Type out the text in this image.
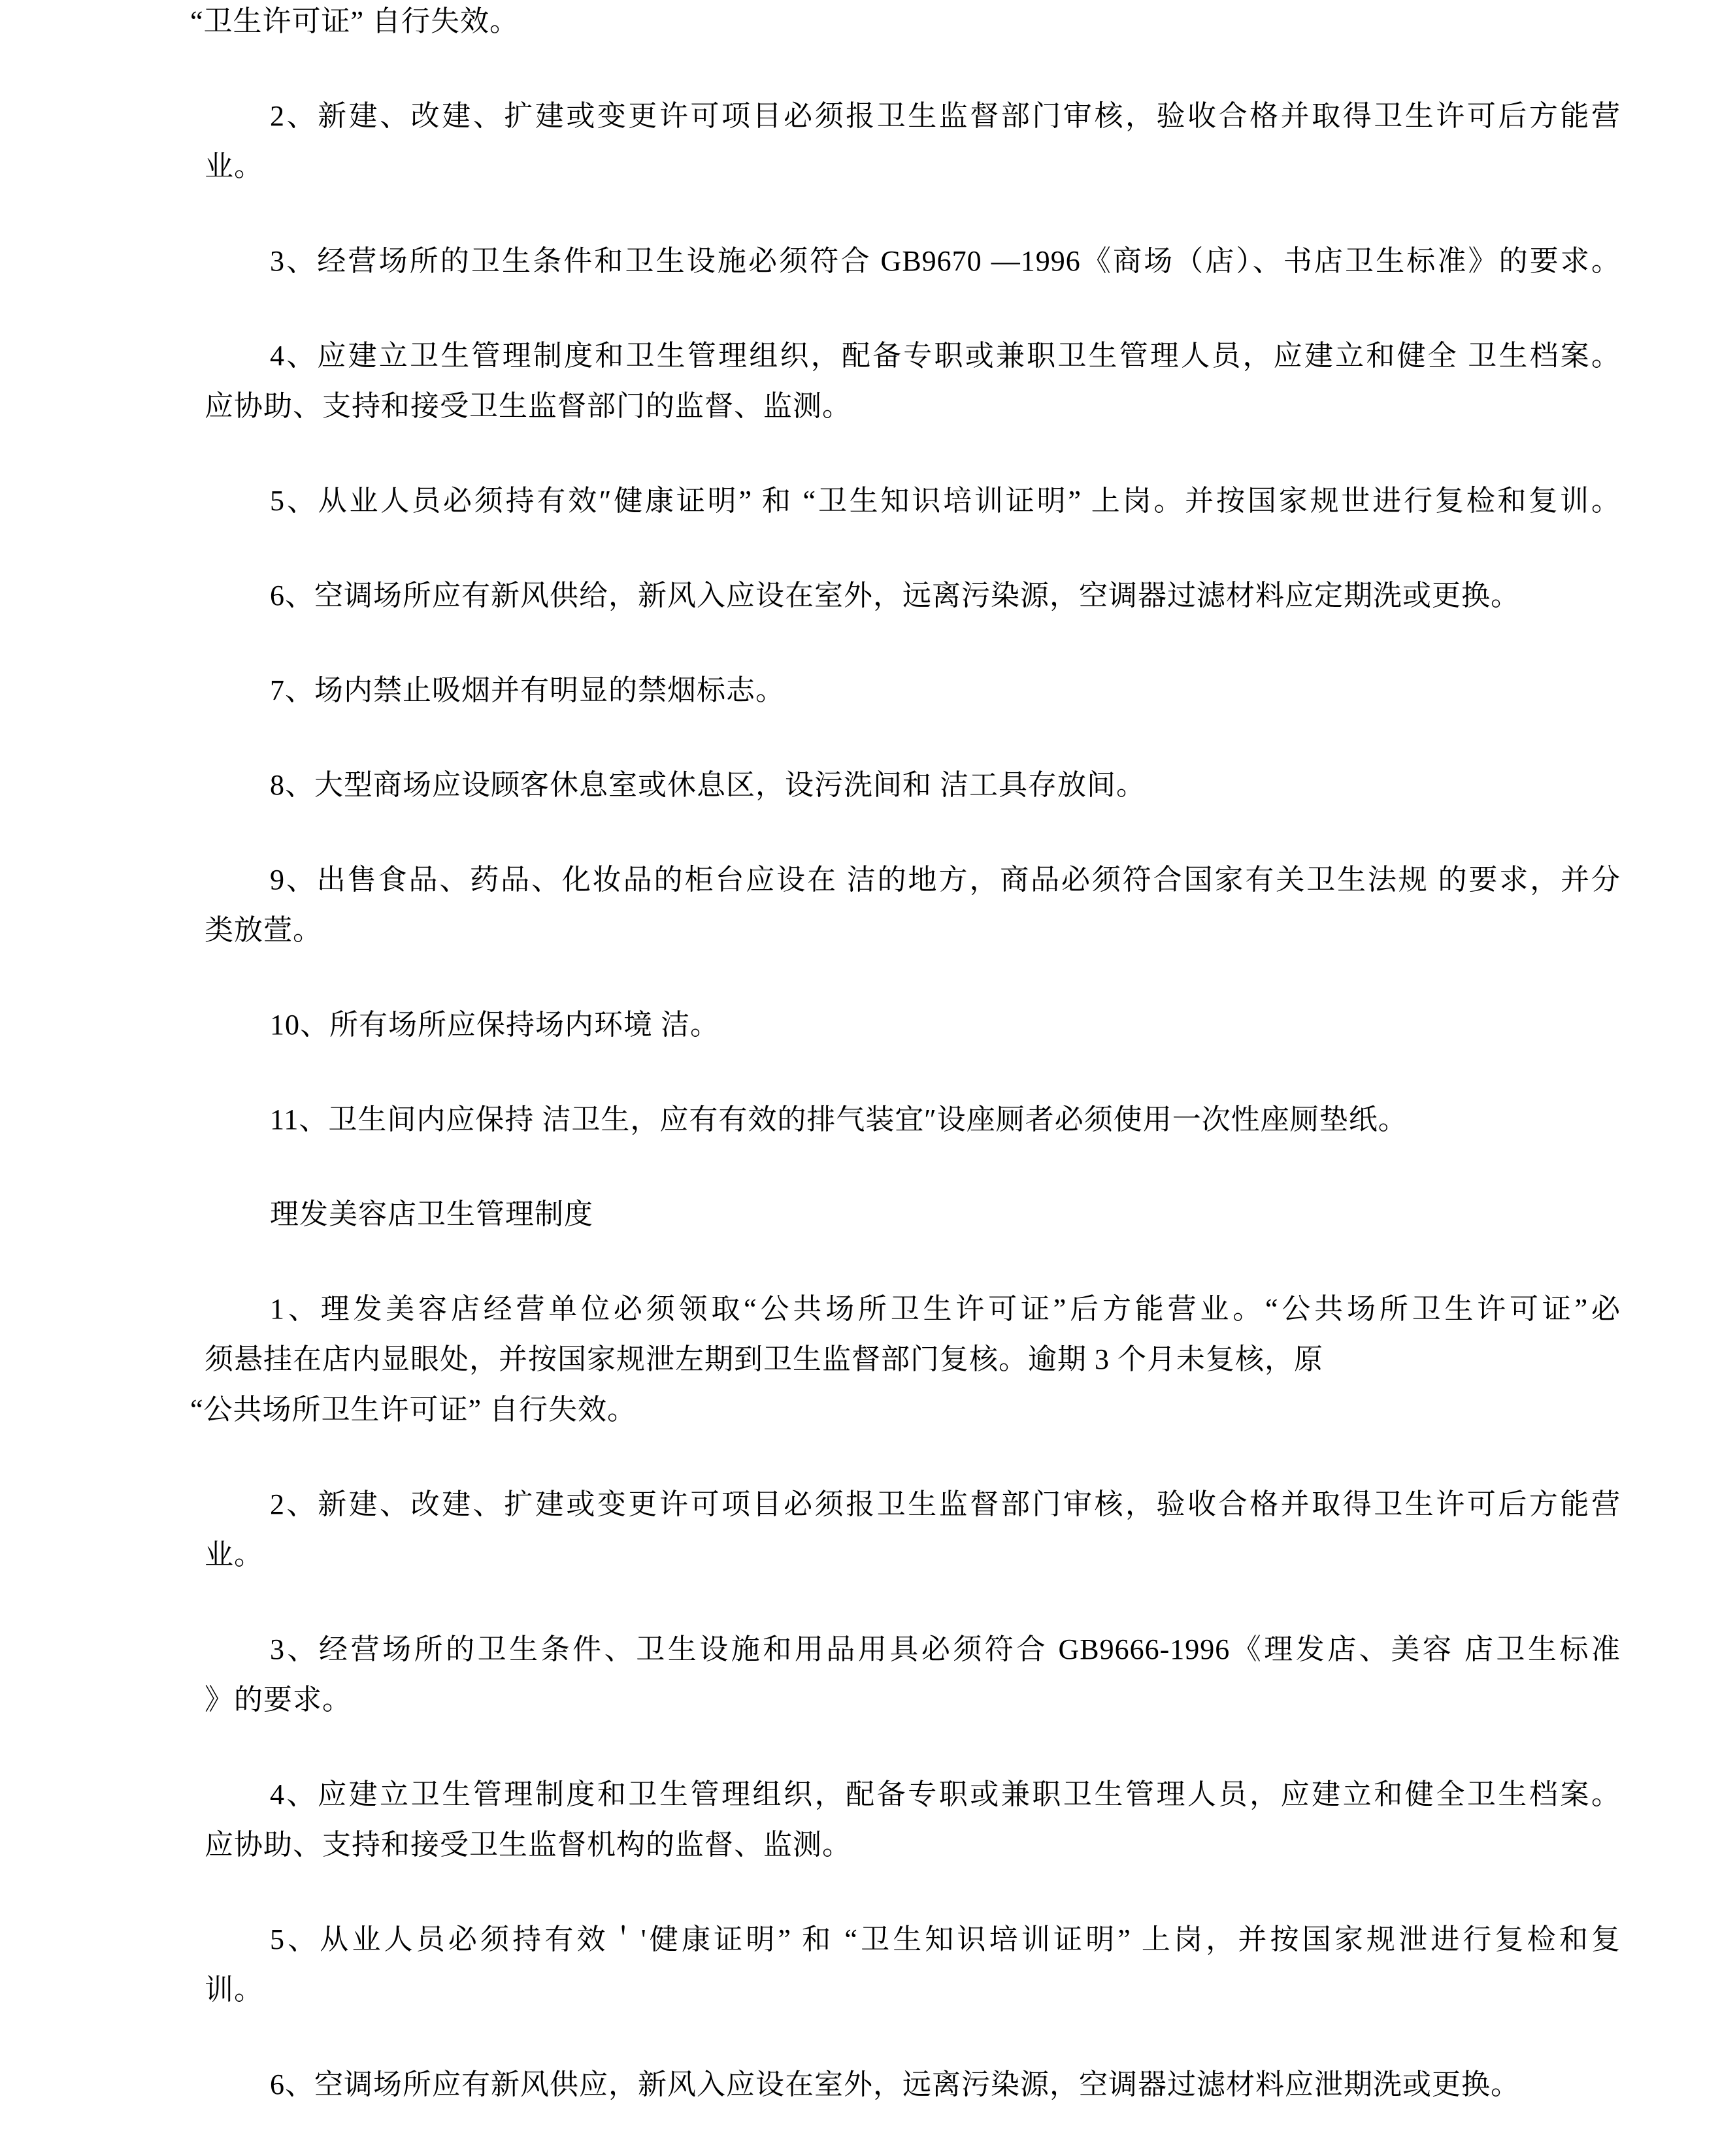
“卫生许可证” 自行失效。

2、新建、改建、扩建或变更许可项目必须报卫生监督部门审核，验收合格并取得卫生许可后方能营
业。

3、经营场所的卫生条件和卫生设施必须符合 GB9670 —1996《商场（店）、书店卫生标准》的要求。

4、应建立卫生管理制度和卫生管理组织，配备专职或兼职卫生管理人员，应建立和健全 卫生档案。
应协助、支持和接受卫生监督部门的监督、监测。

5、从业人员必须持有效″健康证明” 和 “卫生知识培训证明” 上岗。并按国家规世进行复检和复训。

6、空调场所应有新风供给，新风入应设在室外，远离污染源，空调器过滤材料应定期洗或更换。

7、场内禁止吸烟并有明显的禁烟标志。

8、大型商场应设顾客休息室或休息区，设污洗间和 洁工具存放间。

9、出售食品、药品、化妆品的柜台应设在 洁的地方，商品必须符合国家有关卫生法规 的要求，并分
类放萱。

10、所有场所应保持场内环境 洁。

11、卫生间内应保持 洁卫生，应有有效的排气装宜″设座厕者必须使用一次性座厕垫纸。

理发美容店卫生管理制度

1、理发美容店经营单位必须领取“公共场所卫生许可证”后方能营业。“公共场所卫生许可证”必
须悬挂在店内显眼处，并按国家规泄左期到卫生监督部门复核。逾期 3 个月未复核，原
“公共场所卫生许可证” 自行失效。

2、新建、改建、扩建或变更许可项目必须报卫生监督部门审核，验收合格并取得卫生许可后方能营
业。

3、经营场所的卫生条件、卫生设施和用品用具必须符合 GB9666-1996《理发店、美容 店卫生标准
》的要求。

4、应建立卫生管理制度和卫生管理组织，配备专职或兼职卫生管理人员，应建立和健全卫生档案。
应协助、支持和接受卫生监督机构的监督、监测。

5、从业人员必须持有效＇'健康证明” 和 “卫生知识培训证明” 上岗，并按国家规泄进行复检和复
训。

6、空调场所应有新风供应，新风入应设在室外，远离污染源，空调器过滤材料应泄期洗或更换。
